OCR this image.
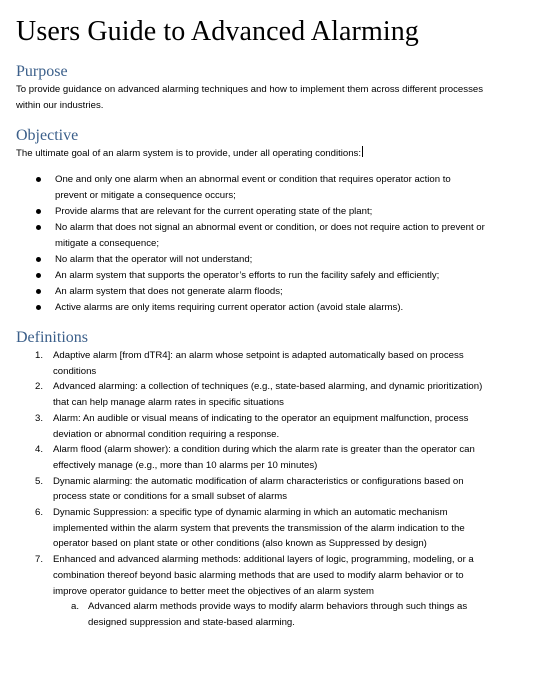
Users Guide to Advanced Alarming
Purpose

To provide guidance on advanced alarming techniques and how to implement them across different processes within our industries.

Objective

The ultimate goal of an alarm system is to provide, under all operating conditions:

One and only one alarm when an abnormal event or condition that requires operator action to prevent or mitigate a consequence occurs;
Provide alarms that are relevant for the current operating state of the plant;
No alarm that does not signal an abnormal event or condition, or does not require action to prevent or mitigate a consequence;
No alarm that the operator will not understand;
An alarm system that supports the operator’s efforts to run the facility safely and efficiently;
An alarm system that does not generate alarm floods;
Active alarms are only items requiring current operator action (avoid stale alarms).
Definitions
1. Adaptive alarm [from dTR4]: an alarm whose setpoint is adapted automatically based on process conditions
2. Advanced alarming: a collection of techniques (e.g., state-based alarming, and dynamic prioritization) that can help manage alarm rates in specific situations
3. Alarm: An audible or visual means of indicating to the operator an equipment malfunction, process deviation or abnormal condition requiring a response.
4. Alarm flood (alarm shower): a condition during which the alarm rate is greater than the operator can effectively manage (e.g., more than 10 alarms per 10 minutes)
5. Dynamic alarming: the automatic modification of alarm characteristics or configurations based on process state or conditions for a small subset of alarms
6. Dynamic Suppression: a specific type of dynamic alarming in which an automatic mechanism implemented within the alarm system that prevents the transmission of the alarm indication to the operator based on plant state or other conditions (also known as Suppressed by design)
7. Enhanced and advanced alarming methods: additional layers of logic, programming, modeling, or a combination thereof beyond basic alarming methods that are used to modify alarm behavior or to improve operator guidance to better meet the objectives of an alarm system
a. Advanced alarm methods provide ways to modify alarm behaviors through such things as designed suppression and state-based alarming.
